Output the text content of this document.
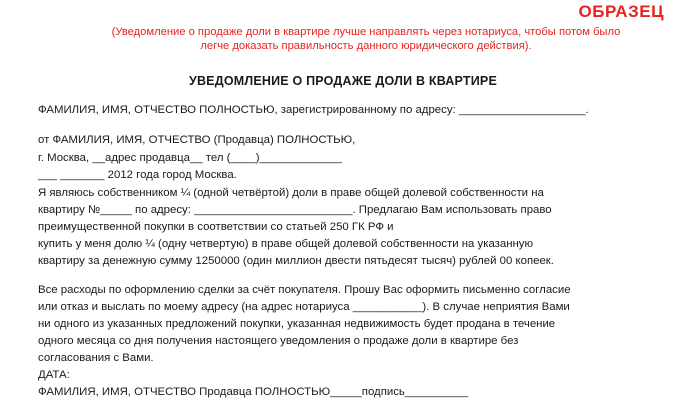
ОБРАЗЕЦ
(Уведомление о продаже доли в квартире лучше направлять через нотариуса, чтобы потом было
легче доказать правильность данного юридического действия).
УВЕДОМЛЕНИЕ О ПРОДАЖЕ ДОЛИ В КВАРТИРЕ
ФАМИЛИЯ, ИМЯ, ОТЧЕСТВО ПОЛНОСТЬЮ, зарегистрированному по адресу: ____________________.
от ФАМИЛИЯ, ИМЯ, ОТЧЕСТВО (Продавца) ПОЛНОСТЬЮ,
г. Москва, __адрес продавца__ тел (____)_____________
___ _______ 2012 года город Москва.
Я являюсь собственником ¼ (одной четвёртой) доли в праве общей долевой собственности на
квартиру №_____ по адресу: _________________________. Предлагаю Вам использовать право
преимущественной покупки в соответствии со статьей 250 ГК РФ и
купить у меня долю ¼ (одну четвертую) в праве общей долевой собственности на указанную
квартиру за денежную сумму 1250000 (один миллион двести пятьдесят тысяч) рублей 00 копеек.
Все расходы по оформлению сделки за счёт покупателя. Прошу Вас оформить письменно согласие
или отказ и выслать по моему адресу (на адрес нотариуса ___________). В случае неприятия Вами
ни одного из указанных предложений покупки, указанная недвижимость будет продана в течение
одного месяца со дня получения настоящего уведомления о продаже доли в квартире без
согласования с Вами.
ДАТА:
ФАМИЛИЯ, ИМЯ, ОТЧЕСТВО Продавца ПОЛНОСТЬЮ_____подпись__________
